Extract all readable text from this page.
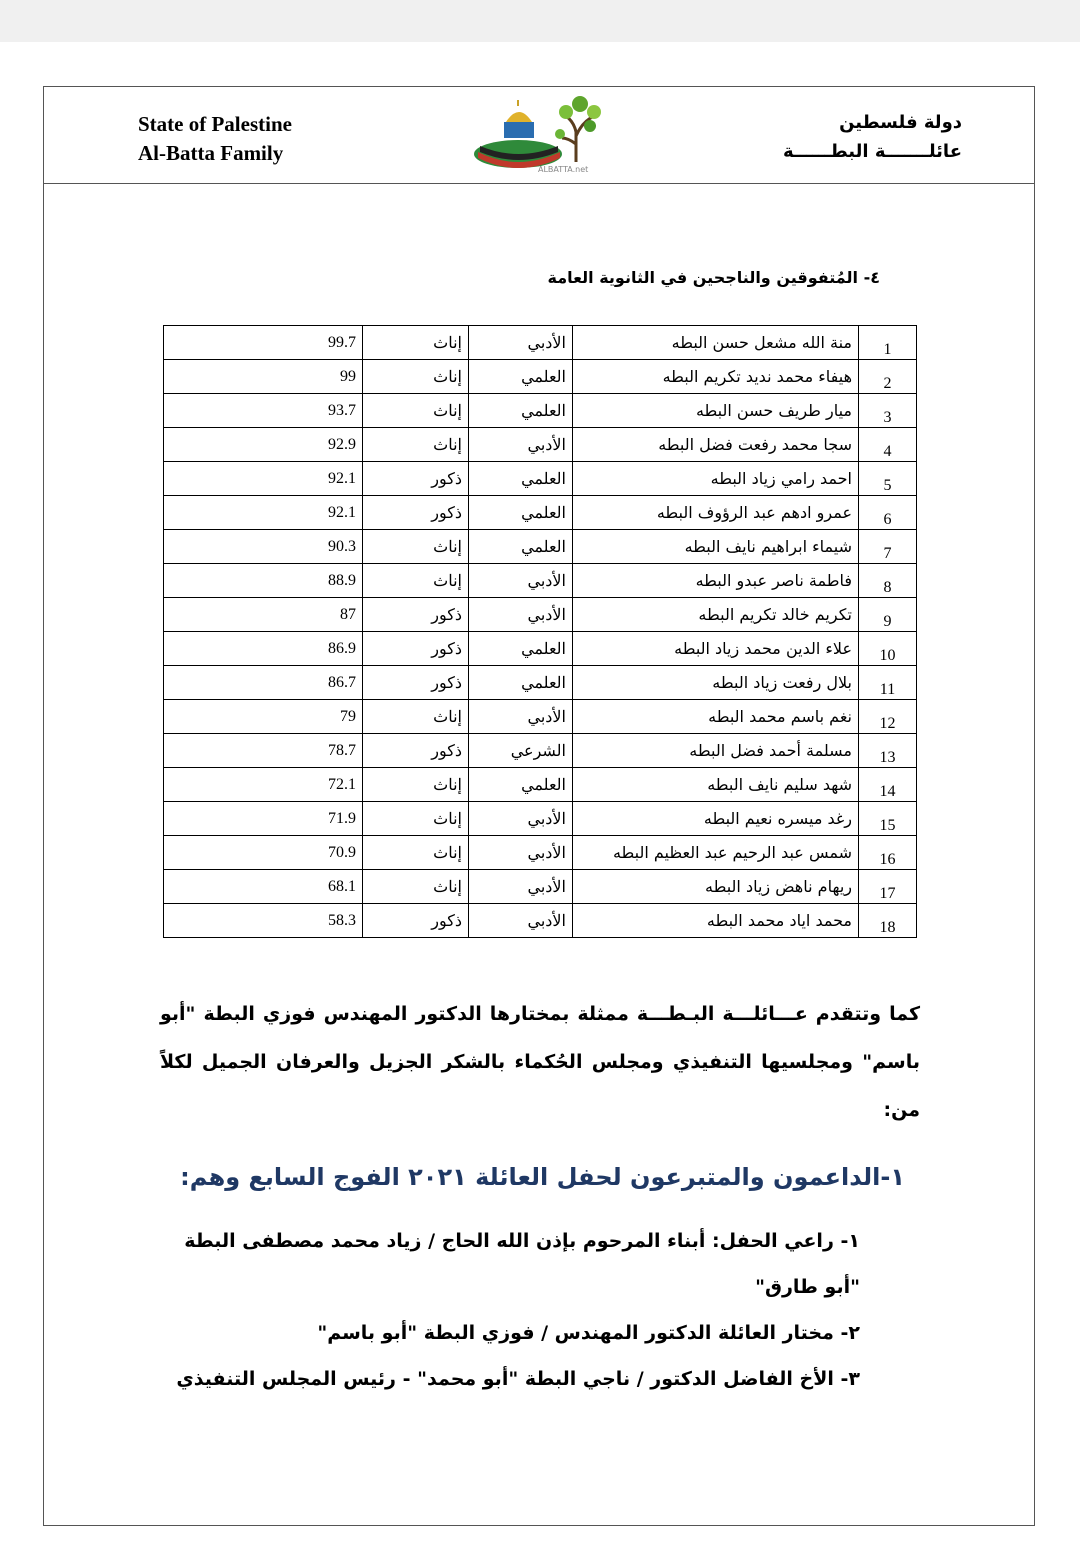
State of Palestine
Al-Batta Family
ALBATTA.net
دولة فلسطين
عائلـــــــة البطــــــة
٤- المُتفوقين والناجحين في الثانوية العامة
1	منة الله مشعل حسن البطه	الأدبي	إناث	99.7
2	هيفاء محمد نديد تكريم البطه	العلمي	إناث	99
3	ميار طريف حسن البطه	العلمي	إناث	93.7
4	سجا محمد رفعت فضل البطه	الأدبي	إناث	92.9
5	احمد رامي زياد البطه	العلمي	ذكور	92.1
6	عمرو ادهم عبد الرؤوف البطه	العلمي	ذكور	92.1
7	شيماء ابراهيم نايف البطه	العلمي	إناث	90.3
8	فاطمة ناصر عبدو البطه	الأدبي	إناث	88.9
9	تكريم خالد تكريم البطه	الأدبي	ذكور	87
10	علاء الدين محمد زياد البطه	العلمي	ذكور	86.9
11	بلال رفعت زياد البطه	العلمي	ذكور	86.7
12	نغم باسم محمد البطه	الأدبي	إناث	79
13	مسلمة أحمد فضل البطه	الشرعي	ذكور	78.7
14	شهد سليم نايف البطه	العلمي	إناث	72.1
15	رغد ميسره نعيم البطه	الأدبي	إناث	71.9
16	شمس عبد الرحيم عبد العظيم البطه	الأدبي	إناث	70.9
17	ريهام ناهض زياد البطه	الأدبي	إناث	68.1
18	محمد اياد محمد البطه	الأدبي	ذكور	58.3
كما وتتقدم عـــائلـــة البـطـــة ممثلة بمختارها الدكتور المهندس فوزي البطة "أبو باسم" ومجلسيها التنفيذي ومجلس الحُكماء بالشكر الجزيل والعرفان الجميل لكلاً من:
١-الداعمون والمتبرعون لحفل العائلة ٢٠٢١ الفوج السابع وهم:
١- راعي الحفل: أبناء المرحوم بإذن الله الحاج / زياد محمد مصطفى البطة "أبو طارق"
٢- مختار العائلة الدكتور المهندس / فوزي البطة "أبو باسم"
٣- الأخ الفاضل الدكتور / ناجي البطة "أبو محمد" - رئيس المجلس التنفيذي
